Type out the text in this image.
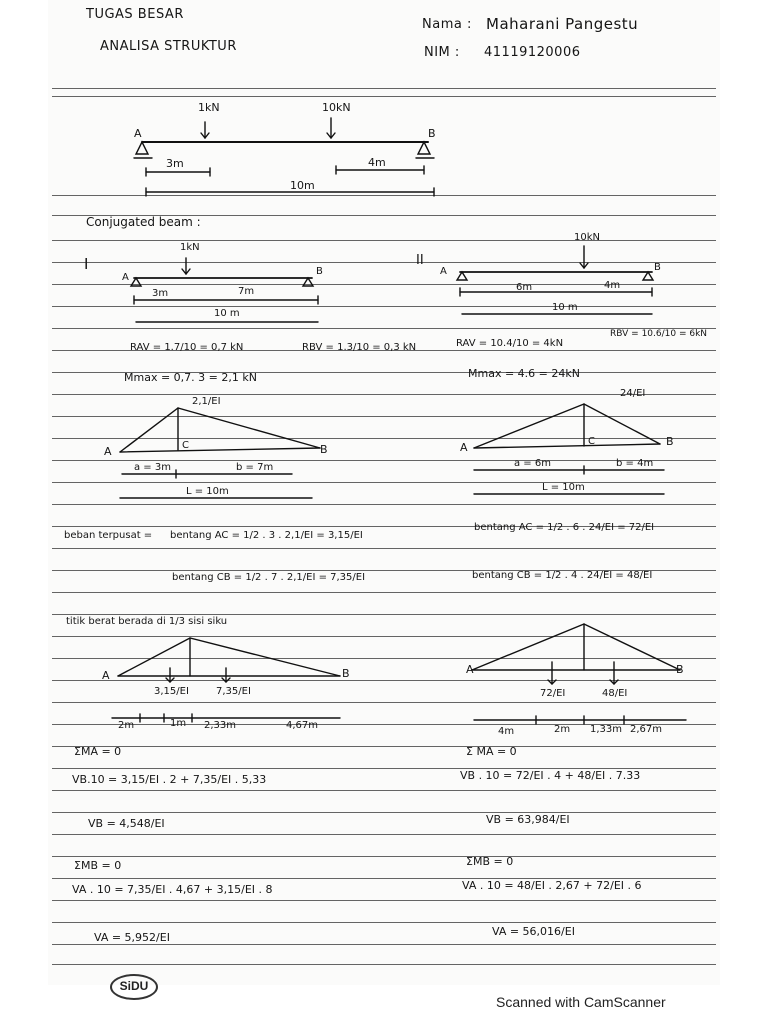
TUGAS BESAR
ANALISA STRUKTUR
Nama : Maharani Pangestu
NIM : 41119120006
1kN	10kN
A	B
3m	4m
10m
Conjugated beam :
I
1kN
A
B
3m	7m
10 m
II
10kN
A	B
6m	4m
10 m
RAV = 1.7/10 = 0,7 kN	RBV = 1.3/10 = 0,3 kN
Mmax = 0,7. 3 = 2,1 kN
RAV = 10.4/10 = 4kN
RBV = 10.6/10 = 6kN
Mmax = 4.6 = 24kN
2,1/EI
C
A	B
a = 3m	b = 7m
L = 10m
24/EI
C
A	B
a = 6m	b = 4m
L = 10m
beban terpusat = bentang AC = 1/2 . 3 . 2,1/EI = 3,15/EI
bentang CB = 1/2 . 7 . 2,1/EI = 7,35/EI
bentang AC = 1/2 . 6 . 24/EI = 72/EI
bentang CB = 1/2 . 4 . 24/EI = 48/EI
titik berat berada di 1/3 sisi siku
A	B
3,15/EI	7,35/EI
2m	1m 2,33m	4,67m
A	B
72/EI	48/EI
4m	2m 1,33m 2,67m
ΣMA = 0
VB.10 = 3,15/EI . 2 + 7,35/EI . 5,33
VB = 4,548/EI
ΣMB = 0
VA . 10 = 7,35/EI . 4,67 + 3,15/EI . 8
VA = 5,952/EI
Σ MA = 0
VB . 10 = 72/EI . 4 + 48/EI . 7.33
VB = 63,984/EI
ΣMB = 0
VA . 10 = 48/EI . 2,67 + 72/EI . 6
VA = 56,016/EI
SiDU
Scanned with CamScanner
